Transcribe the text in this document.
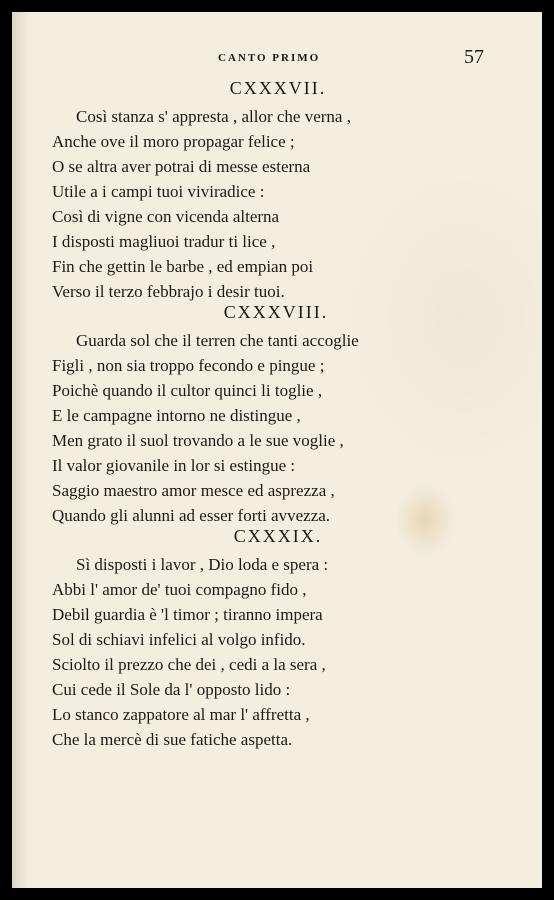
CANTO PRIMO	57
CXXXVII.
Così stanza s' appresta , allor che verna ,
Anche ove il moro propagar felice ;
O se altra aver potrai di messe esterna
Utile a i campi tuoi viviradice :
Così di vigne con vicenda alterna
I disposti magliuoi tradur ti lice ,
Fin che gettin le barbe , ed empian poi
Verso il terzo febbrajo i desir tuoi.
CXXXVIII.
Guarda sol che il terren che tanti accoglie
Figli , non sia troppo fecondo e pingue ;
Poichè quando il cultor quinci li toglie ,
E le campagne intorno ne distingue ,
Men grato il suol trovando a le sue voglie ,
Il valor giovanile in lor si estingue :
Saggio maestro amor mesce ed asprezza ,
Quando gli alunni ad esser forti avvezza.
CXXXIX.
Sì disposti i lavor , Dio loda e spera :
Abbi l' amor de' tuoi compagno fido ,
Debil guardia è 'l timor ; tiranno impera
Sol di schiavi infelici al volgo infido.
Sciolto il prezzo che dei , cedi a la sera ,
Cui cede il Sole da l' opposto lido :
Lo stanco zappatore al mar l' affretta ,
Che la mercè di sue fatiche aspetta.
